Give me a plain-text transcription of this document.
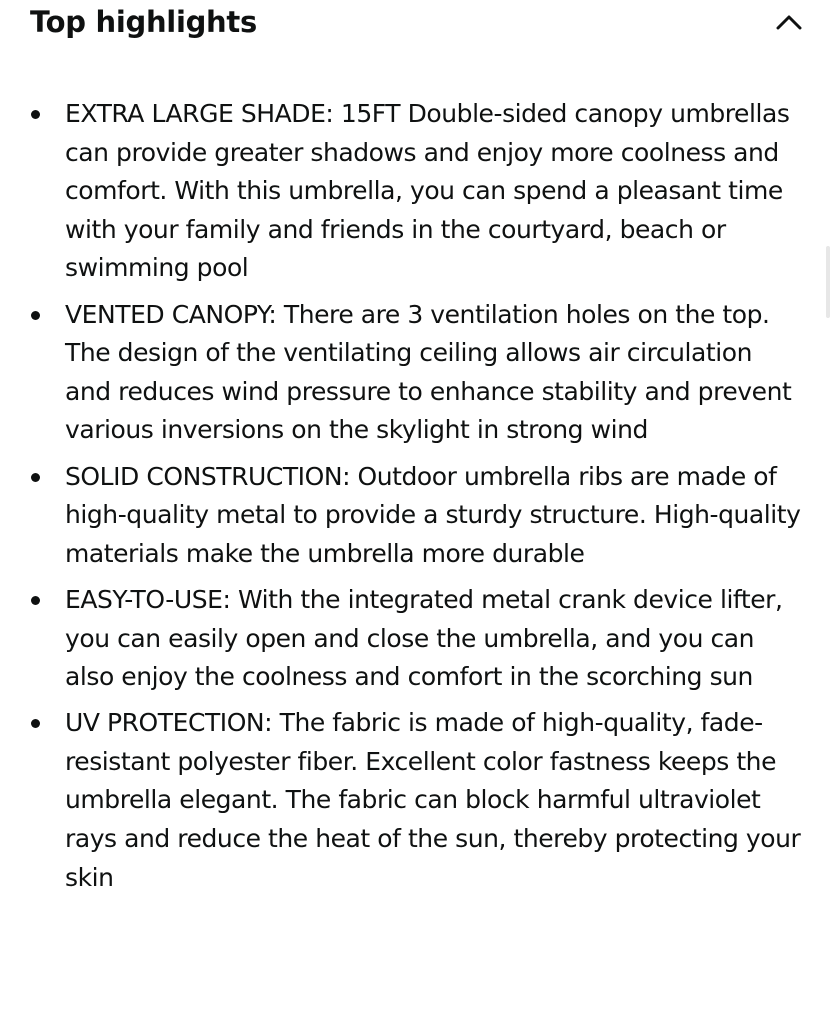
Top highlights
EXTRA LARGE SHADE: 15FT Double-sided canopy umbrellas can provide greater shadows and enjoy more coolness and comfort. With this umbrella, you can spend a pleasant time with your family and friends in the courtyard, beach or swimming pool
VENTED CANOPY: There are 3 ventilation holes on the top. The design of the ventilating ceiling allows air circulation and reduces wind pressure to enhance stability and prevent various inversions on the skylight in strong wind
SOLID CONSTRUCTION: Outdoor umbrella ribs are made of high-quality metal to provide a sturdy structure. High-quality materials make the umbrella more durable
EASY-TO-USE: With the integrated metal crank device lifter, you can easily open and close the umbrella, and you can also enjoy the coolness and comfort in the scorching sun
UV PROTECTION: The fabric is made of high-quality, fade-resistant polyester fiber. Excellent color fastness keeps the umbrella elegant. The fabric can block harmful ultraviolet rays and reduce the heat of the sun, thereby protecting your skin
